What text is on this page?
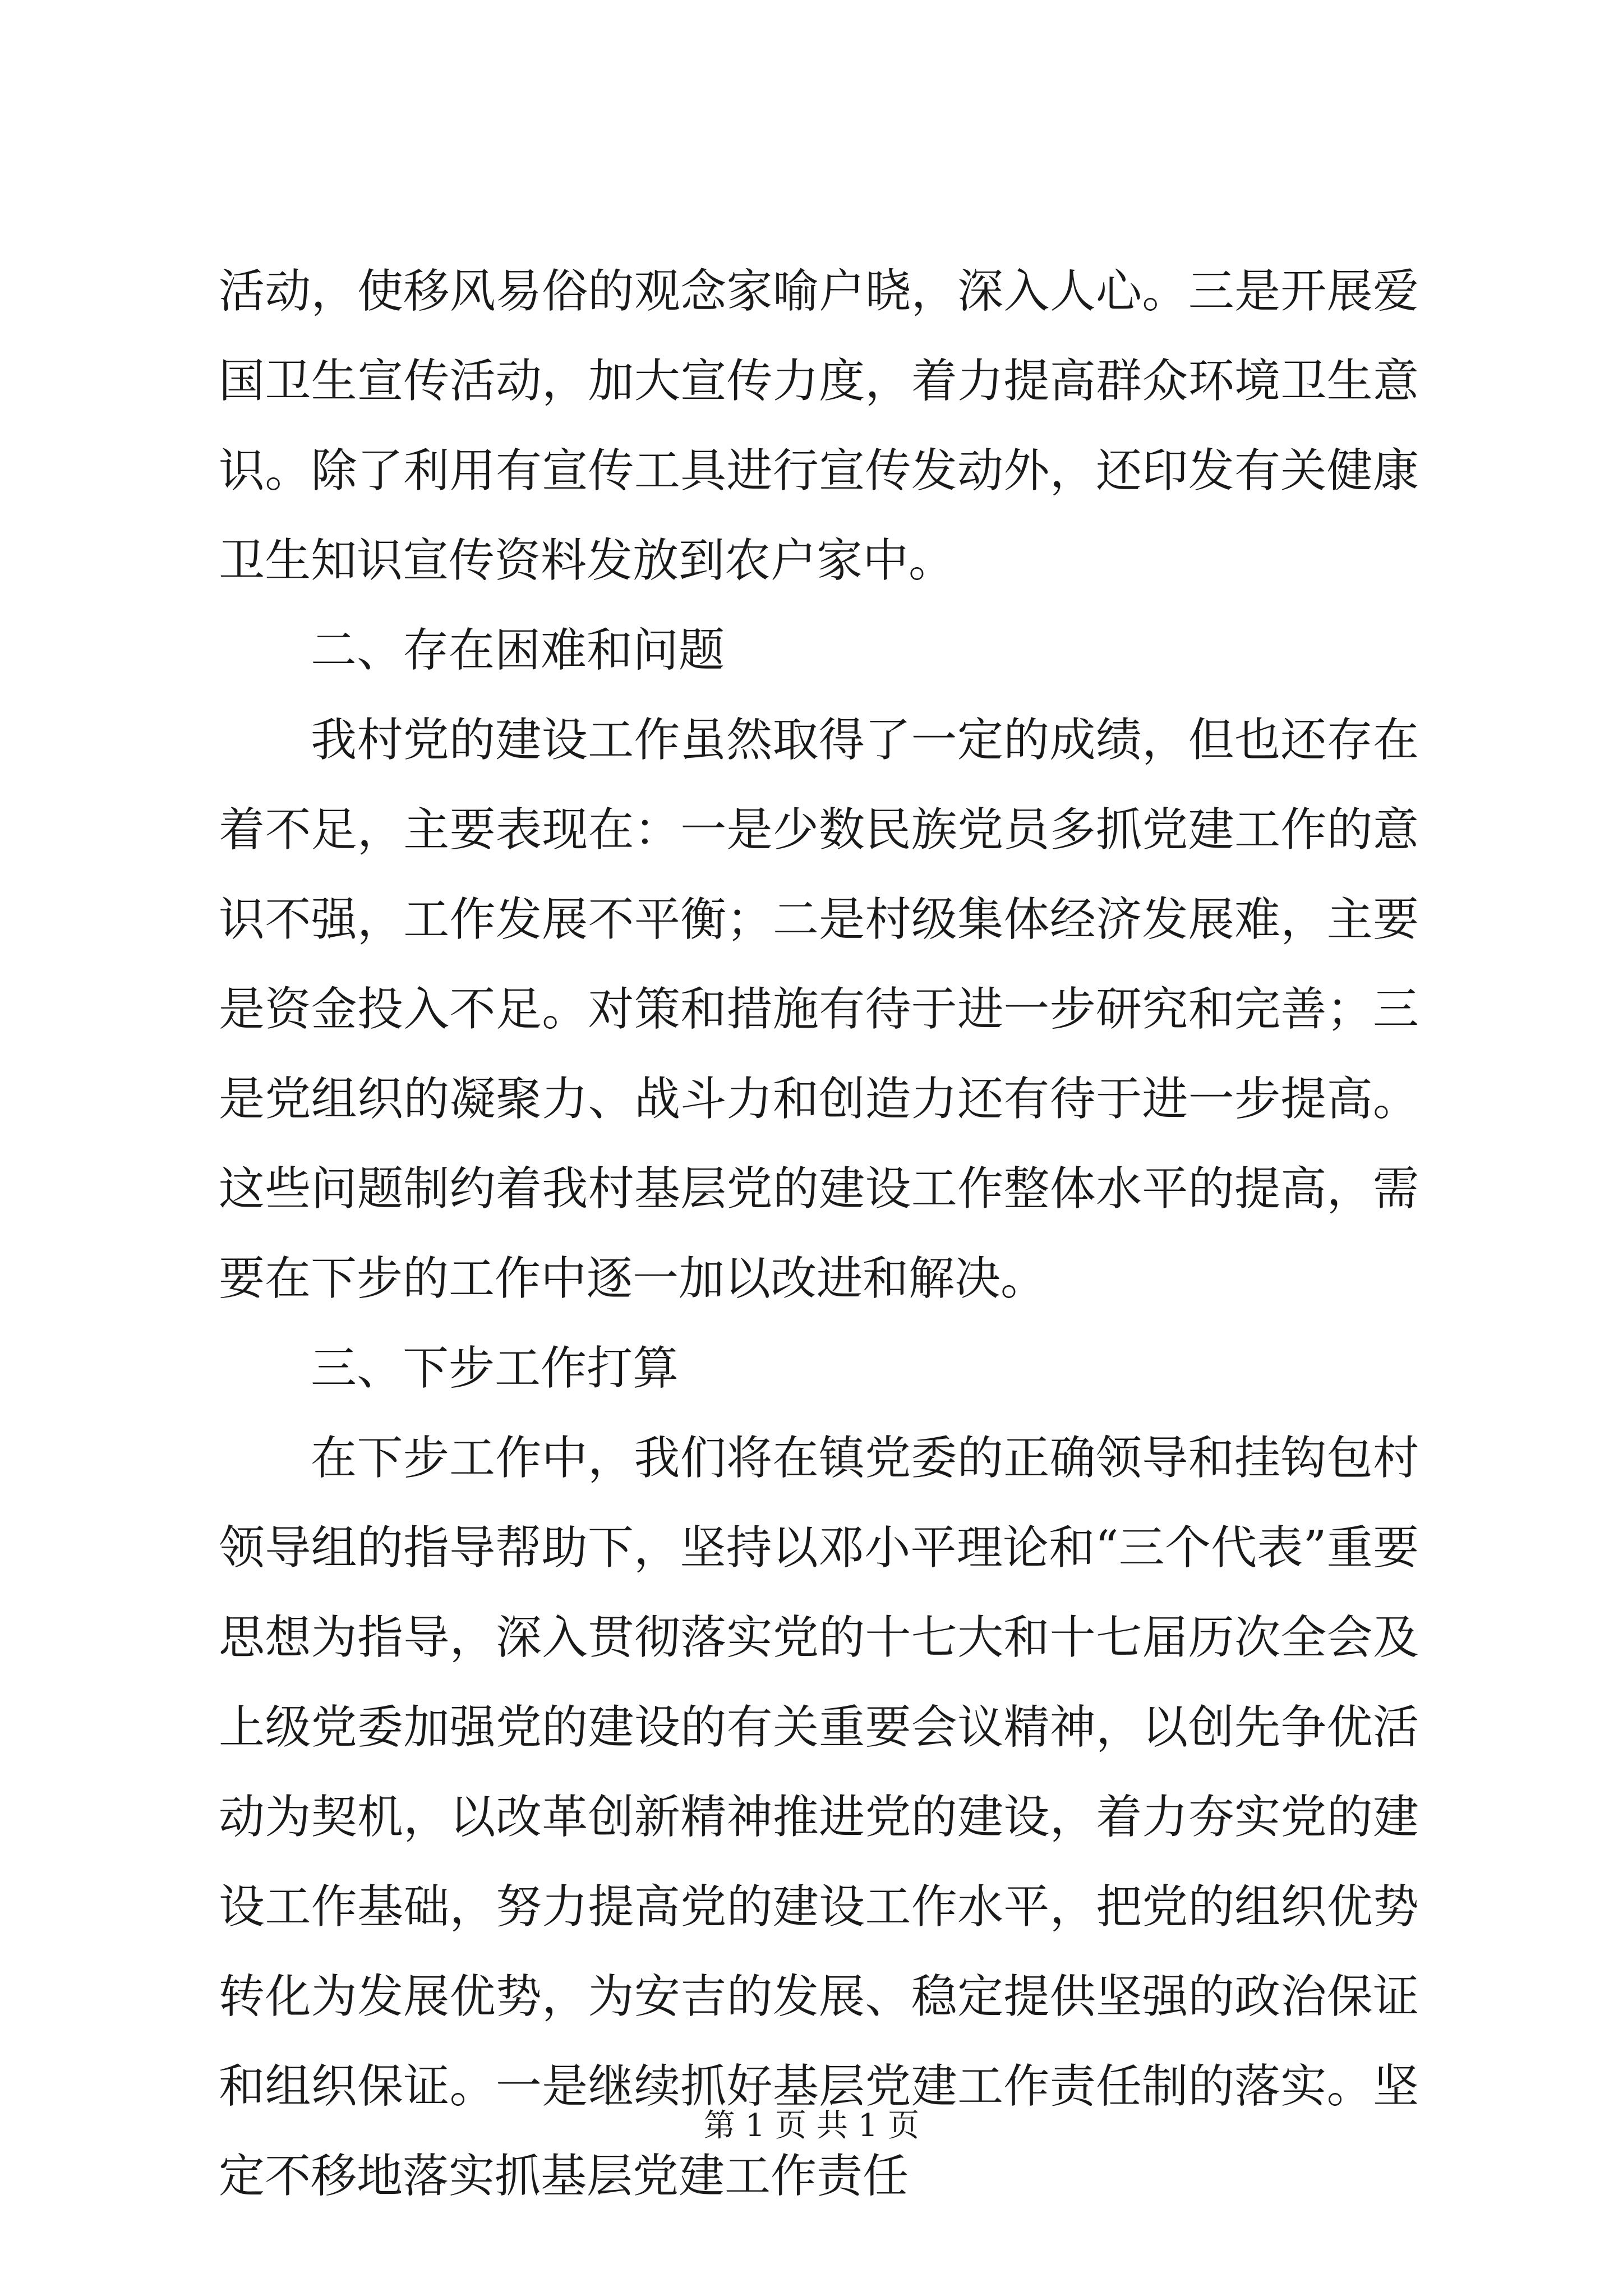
活动，使移风易俗的观念家喻户晓，深入人心。三是开展爱国卫生宣传活动，加大宣传力度，着力提高群众环境卫生意识。除了利用有宣传工具进行宣传发动外，还印发有关健康卫生知识宣传资料发放到农户家中。

二、存在困难和问题

我村党的建设工作虽然取得了一定的成绩，但也还存在着不足，主要表现在：一是少数民族党员多抓党建工作的意识不强，工作发展不平衡；二是村级集体经济发展难，主要是资金投入不足。对策和措施有待于进一步研究和完善；三是党组织的凝聚力、战斗力和创造力还有待于进一步提高。这些问题制约着我村基层党的建设工作整体水平的提高，需要在下步的工作中逐一加以改进和解决。

三、下步工作打算

在下步工作中，我们将在镇党委的正确领导和挂钩包村领导组的指导帮助下，坚持以邓小平理论和“三个代表”重要思想为指导，深入贯彻落实党的十七大和十七届历次全会及上级党委加强党的建设的有关重要会议精神，以创先争优活动为契机，以改革创新精神推进党的建设，着力夯实党的建设工作基础，努力提高党的建设工作水平，把党的组织优势转化为发展优势，为安吉的发展、稳定提供坚强的政治保证和组织保证。一是继续抓好基层党建工作责任制的落实。坚定不移地落实抓基层党建工作责任

第 1 页 共 1 页
